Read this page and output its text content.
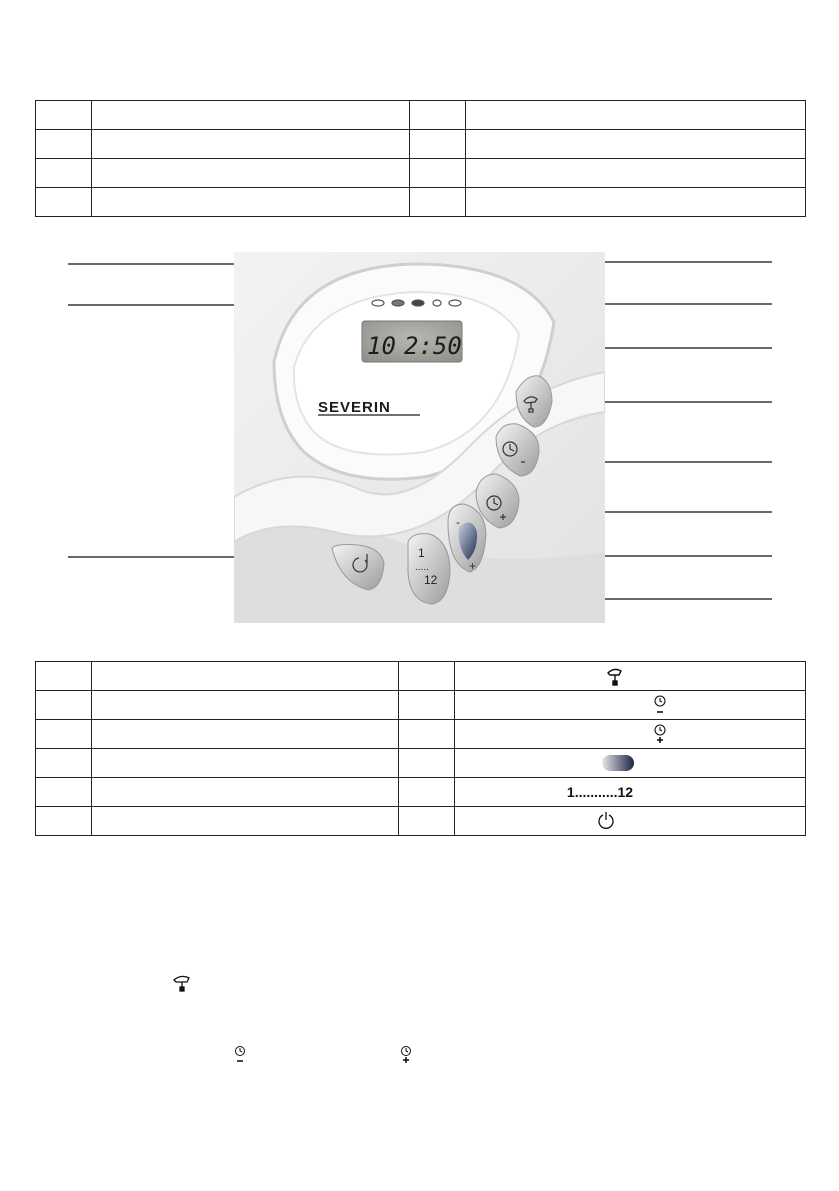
10 2:50
SEVERIN
-
+
1
.....
12

			1...........12
